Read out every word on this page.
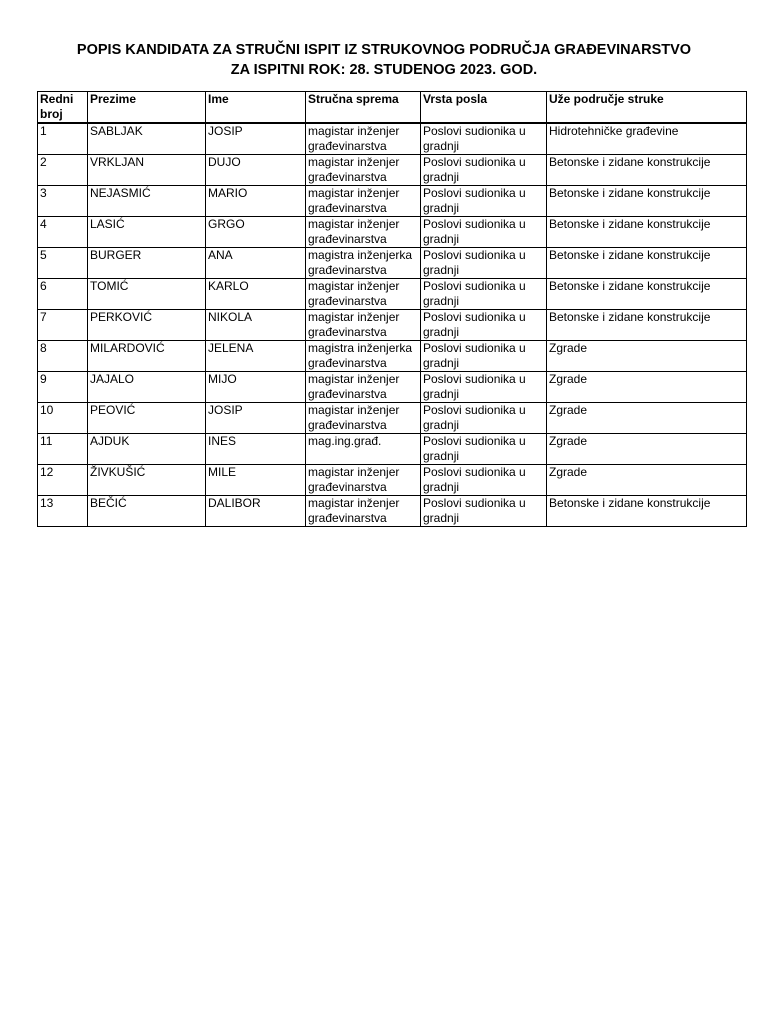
POPIS KANDIDATA ZA STRUČNI ISPIT IZ STRUKOVNOG PODRUČJA GRAĐEVINARSTVO
ZA ISPITNI ROK: 28. STUDENOG 2023. GOD.
Redni broj	Prezime	Ime	Stručna sprema	Vrsta posla	Uže područje struke
1	SABLJAK	JOSIP	magistar inženjer građevinarstva	Poslovi sudionika u gradnji	Hidrotehničke građevine
2	VRKLJAN	DUJO	magistar inženjer građevinarstva	Poslovi sudionika u gradnji	Betonske i zidane konstrukcije
3	NEJASMIĆ	MARIO	magistar inženjer građevinarstva	Poslovi sudionika u gradnji	Betonske i zidane konstrukcije
4	LASIĆ	GRGO	magistar inženjer građevinarstva	Poslovi sudionika u gradnji	Betonske i zidane konstrukcije
5	BURGER	ANA	magistra inženjerka građevinarstva	Poslovi sudionika u gradnji	Betonske i zidane konstrukcije
6	TOMIĆ	KARLO	magistar inženjer građevinarstva	Poslovi sudionika u gradnji	Betonske i zidane konstrukcije
7	PERKOVIĆ	NIKOLA	magistar inženjer građevinarstva	Poslovi sudionika u gradnji	Betonske i zidane konstrukcije
8	MILARDOVIĆ	JELENA	magistra inženjerka građevinarstva	Poslovi sudionika u gradnji	Zgrade
9	JAJALO	MIJO	magistar inženjer građevinarstva	Poslovi sudionika u gradnji	Zgrade
10	PEOVIĆ	JOSIP	magistar inženjer građevinarstva	Poslovi sudionika u gradnji	Zgrade
11	AJDUK	INES	mag.ing.građ.	Poslovi sudionika u gradnji	Zgrade
12	ŽIVKUŠIĆ	MILE	magistar inženjer građevinarstva	Poslovi sudionika u gradnji	Zgrade
13	BEČIĆ	DALIBOR	magistar inženjer građevinarstva	Poslovi sudionika u gradnji	Betonske i zidane konstrukcije
